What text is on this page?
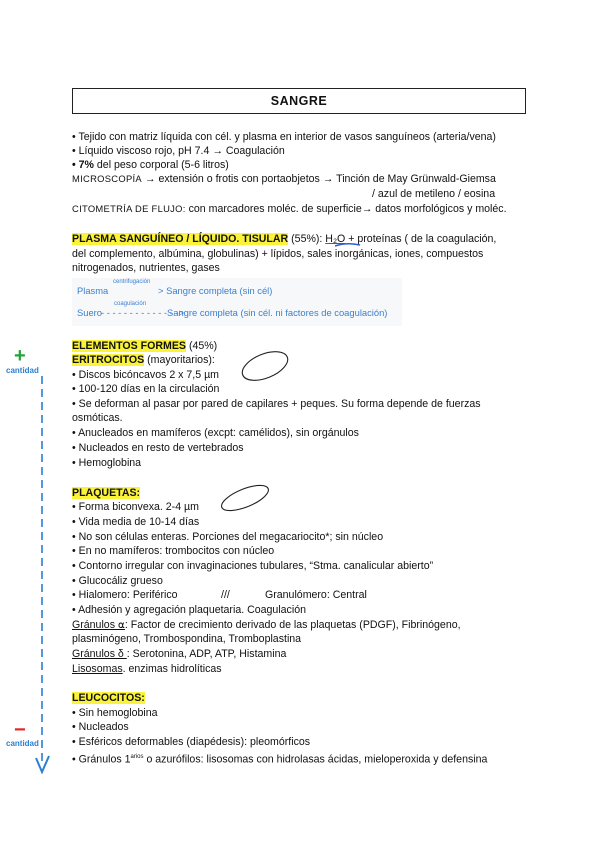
SANGRE
• Tejido con matriz líquida con cél. y plasma en interior de vasos sanguíneos (arteria/vena)
• Líquido viscoso rojo, pH 7.4 → Coagulación
• 7% del peso corporal (5-6 litros)
MICROSCOPÍA → extensión o frotis con portaobjetos → Tinción de May Grünwald-Giemsa
/ azul de metileno / eosina
CITOMETRÍA DE FLUJO: con marcadores moléc. de superficie→ datos morfológicos y moléc.
PLASMA SANGUÍNEO / LÍQUIDO. TISULAR (55%): H₂O + proteínas ( de la coagulación,
del complemento, albúmina, globulinas) + lípidos, sales inorgánicas, iones, compuestos
nitrogenados, nutrientes, gases
Plasma
centrifugación
> Sangre completa (sin cél)
Suero
coagulación
- - - - - - - - - - - - - ->
Sangre completa (sin cél. ni factores de coagulación)
ELEMENTOS FORMES (45%)
ERITROCITOS (mayoritarios):
• Discos bicóncavos 2 x 7,5 µm
• 100-120 días en la circulación
• Se deforman al pasar por pared de capilares + peques. Su forma depende de fuerzas
osmóticas.
• Anucleados en mamíferos (excpt: camélidos), sin orgánulos
• Nucleados en resto de vertebrados
• Hemoglobina
PLAQUETAS:
• Forma biconvexa. 2-4 µm
• Vida media de 10-14 días
• No son células enteras. Porciones del megacariocito*; sin núcleo
• En no mamíferos: trombocitos con núcleo
• Contorno irregular con invaginaciones tubulares, “Stma. canalicular abierto”
• Glucocáliz grueso
• Hialomero: Periférico	///	Granulómero: Central
• Adhesión y agregación plaquetaria. Coagulación
Gránulos ⍺: Factor de crecimiento derivado de las plaquetas (PDGF), Fibrinógeno,
plasminógeno, Trombospondina, Tromboplastina
Gránulos δ : Serotonina, ADP, ATP, Histamina
Lisosomas. enzimas hidrolíticas
LEUCOCITOS:
• Sin hemoglobina
• Nucleados
• Esféricos deformables (diapédesis): pleomórficos
• Gránulos $1^{arios}$ o azurófilos: lisosomas con hidrolasas ácidas, mieloperoxida y defensina
+
cantidad
−
cantidad
